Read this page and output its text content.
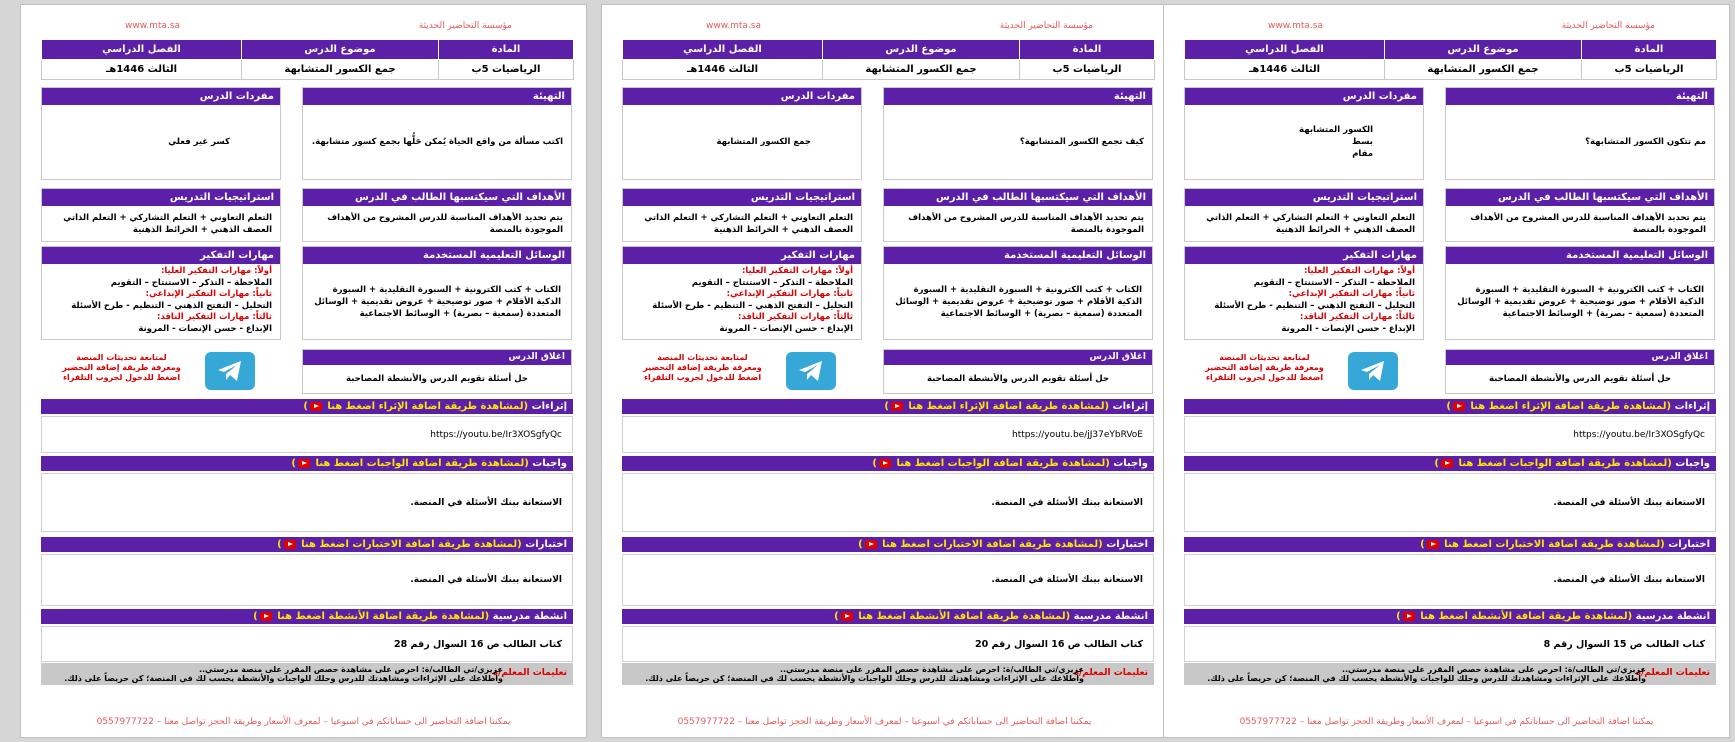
مؤسسة التحاضير الحديثة
www.mta.sa
المادة	موضوع الدرس	الفصل الدراسي
الرياضيات 5ب	جمع الكسور المتشابهة	الثالث 1446هـ
التهيئة
اكتب مسألة من واقع الحياة يُمكن حَلُّها بجمع كسور متشابهة.
مفردات الدرس
كسر غير فعلي
الأهداف التي سيكتسبها الطالب في الدرس
يتم تحديد الأهداف المناسبة للدرس المشروح من الأهداف الموجودة بالمنصة
استراتيجيات التدريس
التعلم التعاوني + التعلم التشاركي + التعلم الذاتي العصف الذهني + الخرائط الذهنية
الوسائل التعليمية المستخدمة
الكتاب + كتب الكترونية + السبورة التقليدية + السبورة الذكية الأقلام + صور توضيحية + عروض تقديمية + الوسائل المتعددة (سمعية – بصرية) + الوسائط الاجتماعية
مهارات التفكير
أولاً: مهارات التفكير العليا:
الملاحظة – التذكر – الاستنتاج – التقويم
ثانياً: مهارات التفكير الإبداعي:
التحليل – التفتح الذهني – التنظيم - طرح الأسئلة
ثالثاً: مهارات التفكير الناقد:
الإبداع - حسن الإنصات - المرونة
اغلاق الدرس
حل أسئلة تقويم الدرس والأنشطة المصاحبة
لمتابعة تحديثات المنصة
ومعرفة طريقة إضافة التحضير
اضغط للدخول لجروب التلقراء
إثراءات (لمشاهدة طريقة اضافة الإثراء اضغط هنا )
https://youtu.be/Ir3XOSgfyQc
واجبات (لمشاهدة طريقة اضافة الواجبات اضغط هنا )
الاستعانة ببنك الأسئلة في المنصة.
اختبارات (لمشاهدة طريقة اضافة الاختبارات اضغط هنا )
الاستعانة ببنك الأسئلة في المنصة.
انشطة مدرسية (لمشاهدة طريقة اضافة الأنشطة اضغط هنا )
كتاب الطالب ص 16 السوال رقم 28
تعليمات المعلم/ة
عزيزي/تي الطالب/ة: احرص على مشاهدة حصص المقرر على منصة مدرستي..
واطلاعك على الإثراءات ومشاهدتك للدرس وحلك للواجبات والأنشطة يحسب لك في المنصة؛ كن حريصاً على ذلك.
يمكننا اضافة التحاضير الى حساباتكم في اسبوعيا – لمعرف الأسعار وطريقة الحجز تواصل معنا – 0557977722
مؤسسة التحاضير الحديثة
www.mta.sa
المادة	موضوع الدرس	الفصل الدراسي
الرياضيات 5ب	جمع الكسور المتشابهة	الثالث 1446هـ
التهيئة
كيف تجمع الكسور المتشابهة؟
مفردات الدرس
جمع الكسور المتشابهة
الأهداف التي سيكتسبها الطالب في الدرس
يتم تحديد الأهداف المناسبة للدرس المشروح من الأهداف الموجودة بالمنصة
استراتيجيات التدريس
التعلم التعاوني + التعلم التشاركي + التعلم الذاتي العصف الذهني + الخرائط الذهنية
الوسائل التعليمية المستخدمة
الكتاب + كتب الكترونية + السبورة التقليدية + السبورة الذكية الأقلام + صور توضيحية + عروض تقديمية + الوسائل المتعددة (سمعية – بصرية) + الوسائط الاجتماعية
مهارات التفكير
أولاً: مهارات التفكير العليا:
الملاحظة – التذكر – الاستنتاج – التقويم
ثانياً: مهارات التفكير الإبداعي:
التحليل – التفتح الذهني – التنظيم - طرح الأسئلة
ثالثاً: مهارات التفكير الناقد:
الإبداع - حسن الإنصات - المرونة
اغلاق الدرس
حل أسئلة تقويم الدرس والأنشطة المصاحبة
لمتابعة تحديثات المنصة
ومعرفة طريقة إضافة التحضير
اضغط للدخول لجروب التلقراء
إثراءات (لمشاهدة طريقة اضافة الإثراء اضغط هنا )
https://youtu.be/jJ37eYbRVoE
واجبات (لمشاهدة طريقة اضافة الواجبات اضغط هنا )
الاستعانة ببنك الأسئلة في المنصة.
اختبارات (لمشاهدة طريقة اضافة الاختبارات اضغط هنا )
الاستعانة ببنك الأسئلة في المنصة.
انشطة مدرسية (لمشاهدة طريقة اضافة الأنشطة اضغط هنا )
كتاب الطالب ص 16 السوال رقم 20
تعليمات المعلم/ة
عزيزي/تي الطالب/ة: احرص على مشاهدة حصص المقرر على منصة مدرستي..
واطلاعك على الإثراءات ومشاهدتك للدرس وحلك للواجبات والأنشطة يحسب لك في المنصة؛ كن حريصاً على ذلك.
يمكننا اضافة التحاضير الى حساباتكم في اسبوعيا – لمعرف الأسعار وطريقة الحجز تواصل معنا – 0557977722
مؤسسة التحاضير الحديثة
www.mta.sa
المادة	موضوع الدرس	الفصل الدراسي
الرياضيات 5ب	جمع الكسور المتشابهة	الثالث 1446هـ
التهيئة
مم تتكون الكسور المتشابهة؟
مفردات الدرس
الكسور المتشابهة
بسط
مقام
الأهداف التي سيكتسبها الطالب في الدرس
يتم تحديد الأهداف المناسبة للدرس المشروح من الأهداف الموجودة بالمنصة
استراتيجيات التدريس
التعلم التعاوني + التعلم التشاركي + التعلم الذاتي العصف الذهني + الخرائط الذهنية
الوسائل التعليمية المستخدمة
الكتاب + كتب الكترونية + السبورة التقليدية + السبورة الذكية الأقلام + صور توضيحية + عروض تقديمية + الوسائل المتعددة (سمعية – بصرية) + الوسائط الاجتماعية
مهارات التفكير
أولاً: مهارات التفكير العليا:
الملاحظة – التذكر – الاستنتاج – التقويم
ثانياً: مهارات التفكير الإبداعي:
التحليل – التفتح الذهني – التنظيم - طرح الأسئلة
ثالثاً: مهارات التفكير الناقد:
الإبداع - حسن الإنصات - المرونة
اغلاق الدرس
حل أسئلة تقويم الدرس والأنشطة المصاحبة
لمتابعة تحديثات المنصة
ومعرفة طريقة إضافة التحضير
اضغط للدخول لجروب التلقراء
إثراءات (لمشاهدة طريقة اضافة الإثراء اضغط هنا )
https://youtu.be/Ir3XOSgfyQc
واجبات (لمشاهدة طريقة اضافة الواجبات اضغط هنا )
الاستعانة ببنك الأسئلة في المنصة.
اختبارات (لمشاهدة طريقة اضافة الاختبارات اضغط هنا )
الاستعانة ببنك الأسئلة في المنصة.
انشطة مدرسية (لمشاهدة طريقة اضافة الأنشطة اضغط هنا )
كتاب الطالب ص 15 السوال رقم 8
تعليمات المعلم/ة
عزيزي/تي الطالب/ة: احرص على مشاهدة حصص المقرر على منصة مدرستي..
واطلاعك على الإثراءات ومشاهدتك للدرس وحلك للواجبات والأنشطة يحسب لك في المنصة؛ كن حريصاً على ذلك.
يمكننا اضافة التحاضير الى حساباتكم في اسبوعيا – لمعرف الأسعار وطريقة الحجز تواصل معنا – 0557977722
